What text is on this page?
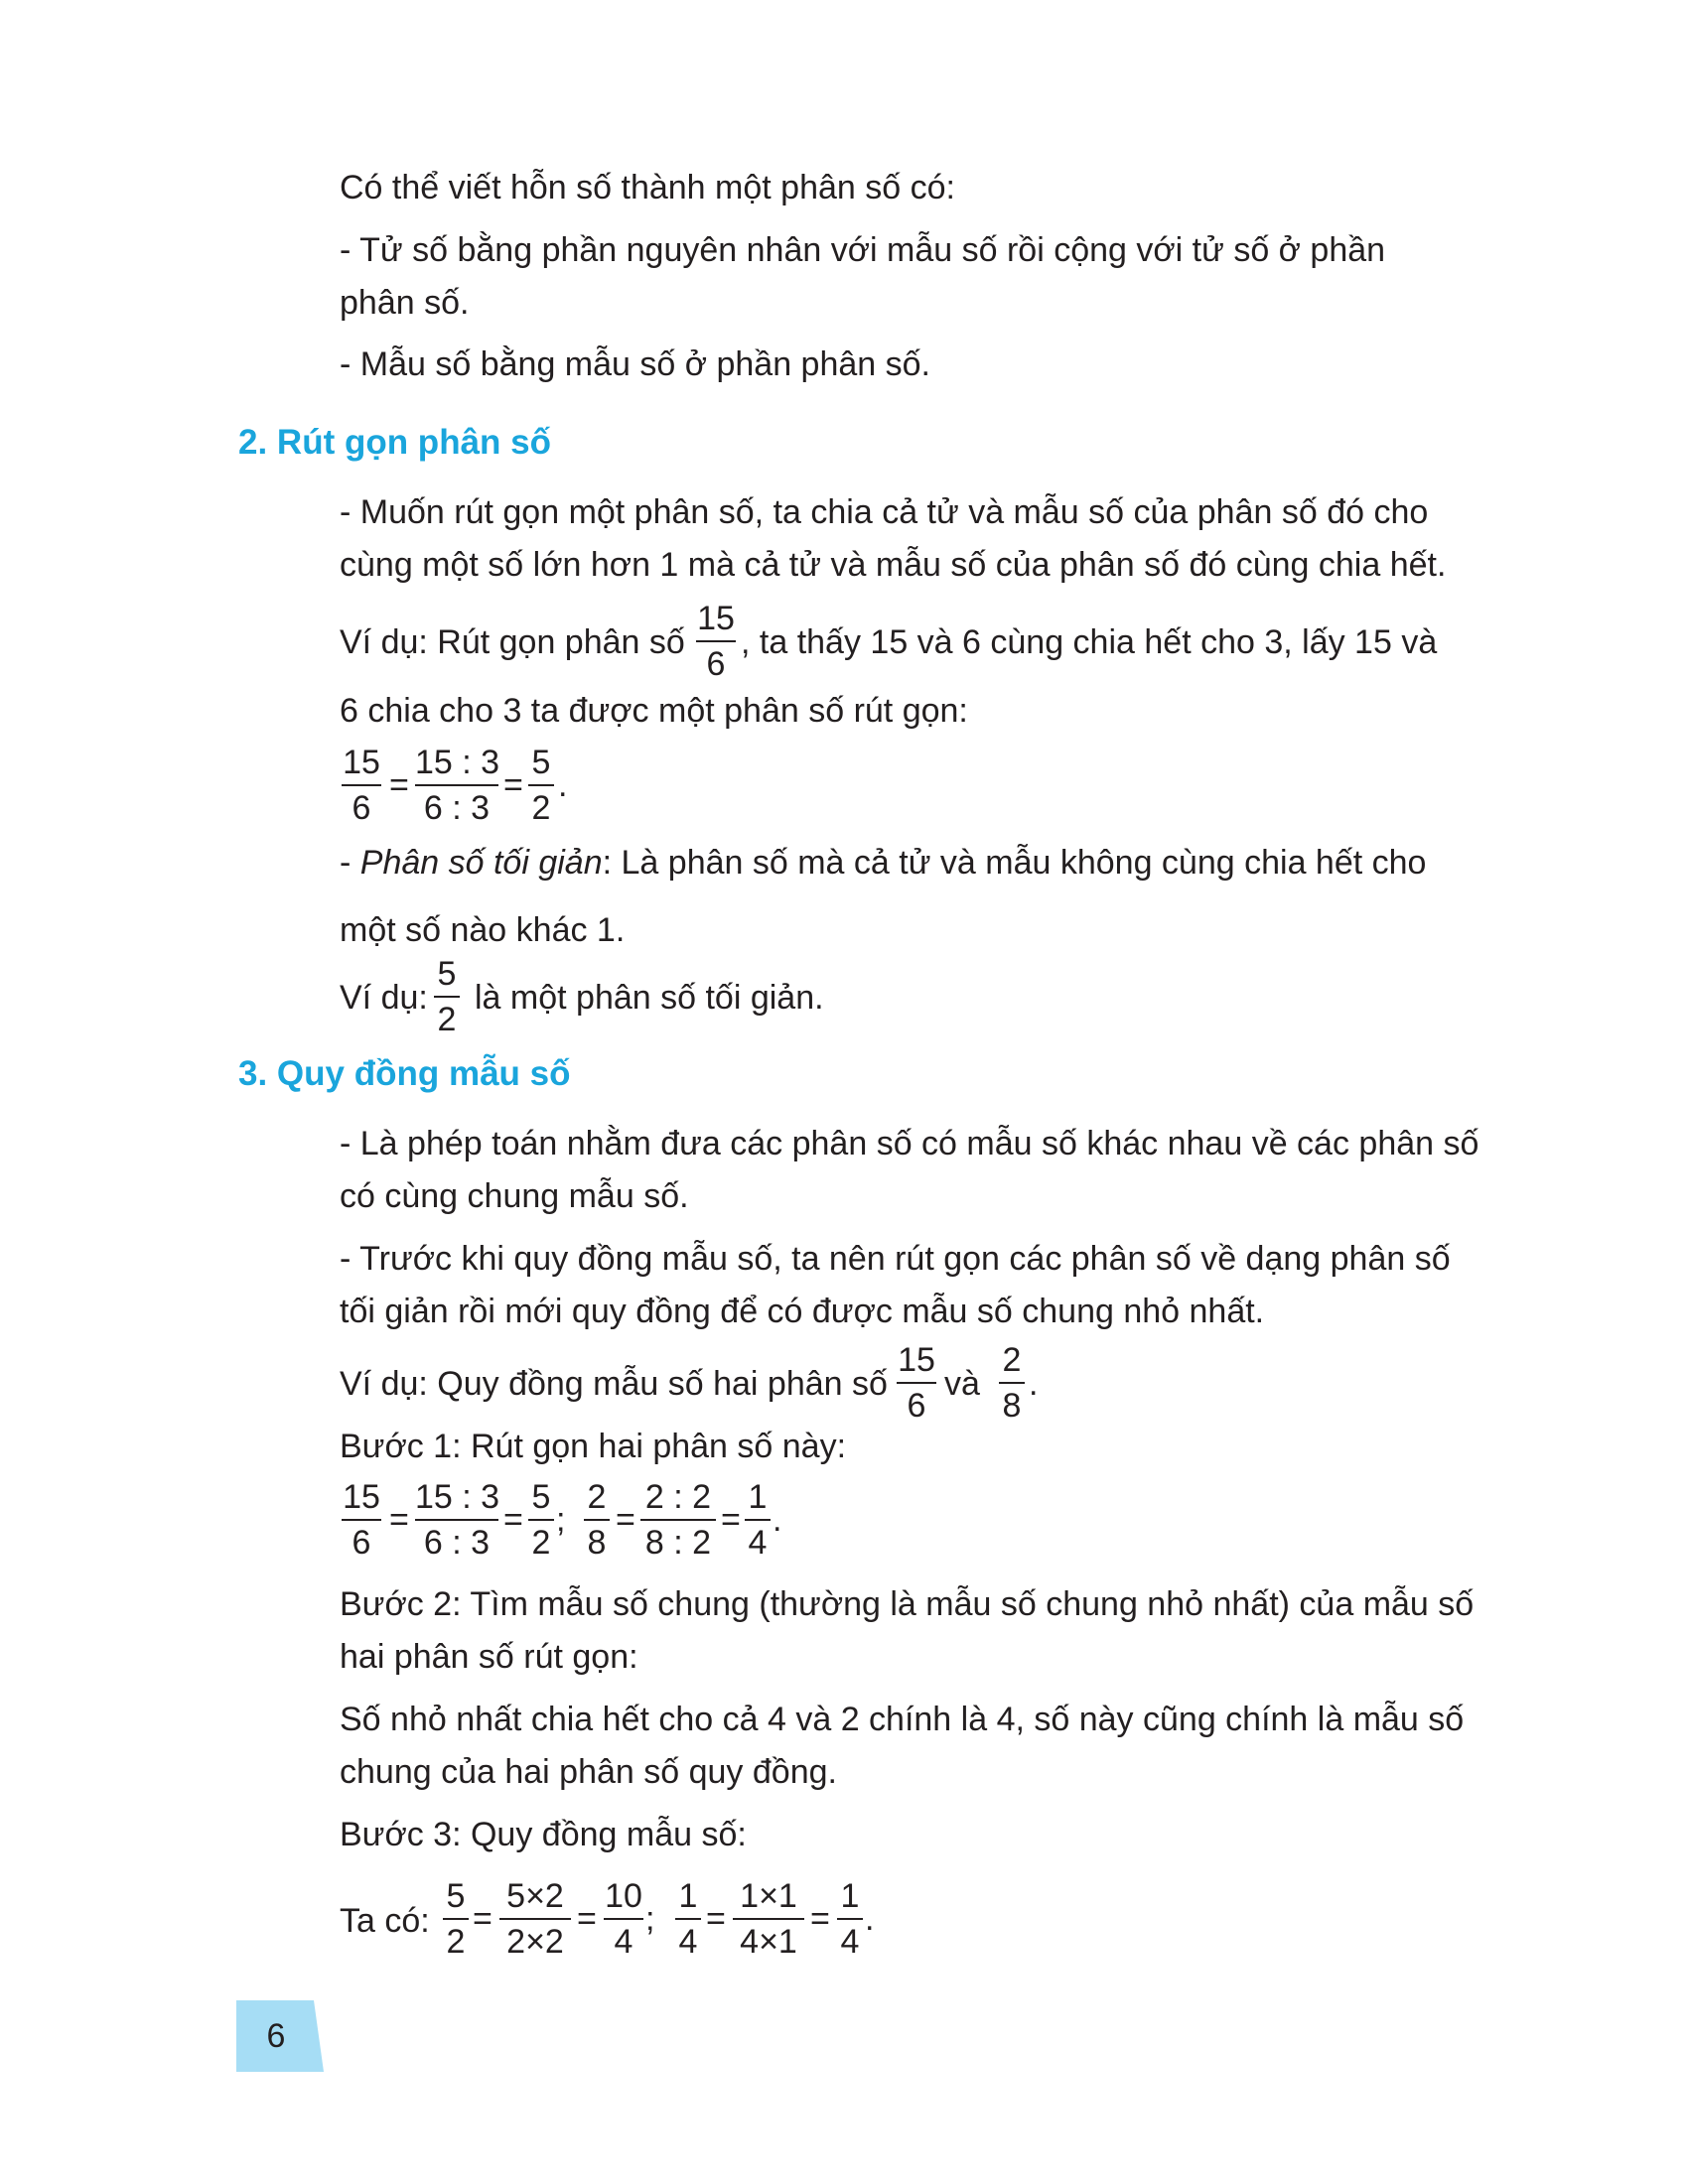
Có thể viết hỗn số thành một phân số có:
- Tử số bằng phần nguyên nhân với mẫu số rồi cộng với tử số ở phần
phân số.
- Mẫu số bằng mẫu số ở phần phân số.
2. Rút gọn phân số
- Muốn rút gọn một phân số, ta chia cả tử và mẫu số của phân số đó cho
cùng một số lớn hơn 1 mà cả tử và mẫu số của phân số đó cùng chia hết.
Ví dụ: Rút gọn phân số
15
6
, ta thấy 15 và 6 cùng chia hết cho 3, lấy 15 và
6 chia cho 3 ta được một phân số rút gọn:
15
6
=
15 : 3
6 : 3
=
5
2
.
- Phân số tối giản: Là phân số mà cả tử và mẫu không cùng chia hết cho
một số nào khác 1.
Ví dụ:
5
2
là một phân số tối giản.
3. Quy đồng mẫu số
- Là phép toán nhằm đưa các phân số có mẫu số khác nhau về các phân số
có cùng chung mẫu số.
- Trước khi quy đồng mẫu số, ta nên rút gọn các phân số về dạng phân số
tối giản rồi mới quy đồng để có được mẫu số chung nhỏ nhất.
Ví dụ: Quy đồng mẫu số hai phân số
15
6
và
2
8
.
Bước 1: Rút gọn hai phân số này:
15
6
=
15 : 3
6 : 3
=
5
2
;
2
8
=
2 : 2
8 : 2
=
1
4
.
Bước 2: Tìm mẫu số chung (thường là mẫu số chung nhỏ nhất) của mẫu số
hai phân số rút gọn:
Số nhỏ nhất chia hết cho cả 4 và 2 chính là 4, số này cũng chính là mẫu số
chung của hai phân số quy đồng.
Bước 3: Quy đồng mẫu số:
Ta có:
5
2
=
5×2
2×2
=
10
4
;
1
4
=
1×1
4×1
=
1
4
.
6
